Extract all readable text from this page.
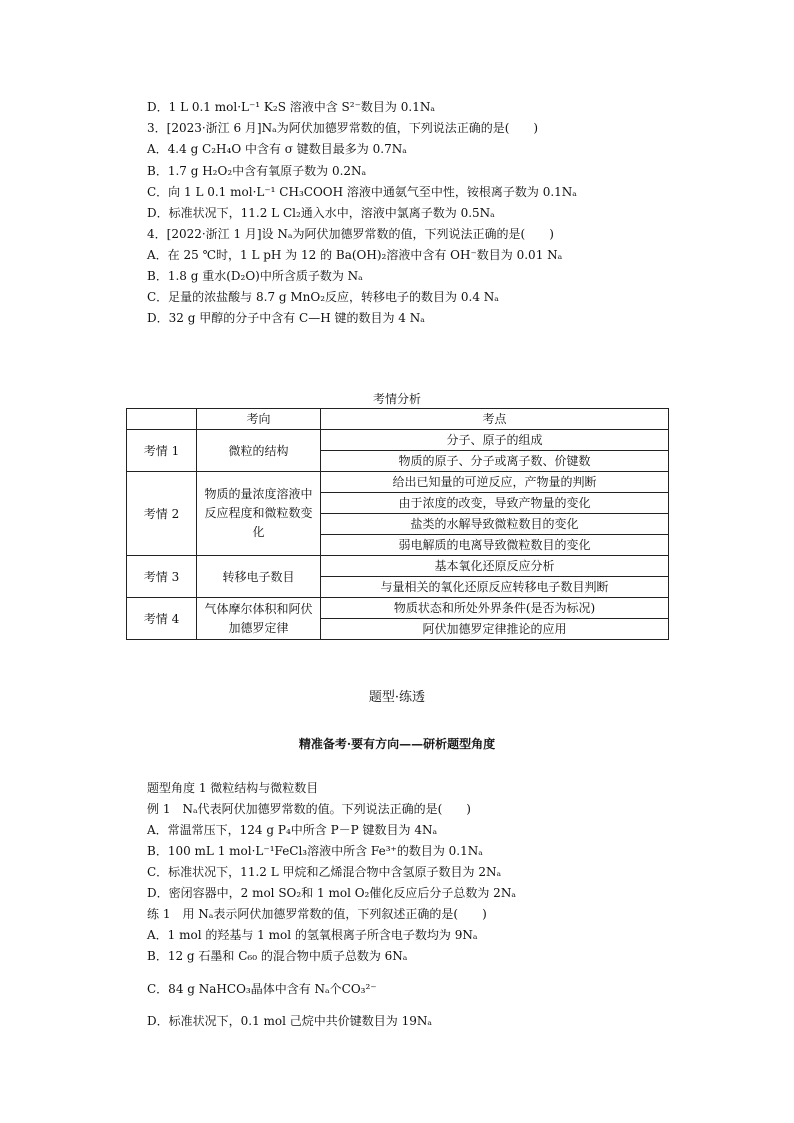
D．1 L 0.1 mol·L⁻¹ K₂S 溶液中含 S²⁻数目为 0.1Nₐ
3．[2023·浙江 6 月]Nₐ为阿伏加德罗常数的值，下列说法正确的是(　　)
A．4.4 g C₂H₄O 中含有 σ 键数目最多为 0.7Nₐ
B．1.7 g H₂O₂中含有氧原子数为 0.2Nₐ
C．向 1 L 0.1 mol·L⁻¹ CH₃COOH 溶液中通氨气至中性，铵根离子数为 0.1Nₐ
D．标准状况下，11.2 L Cl₂通入水中，溶液中氯离子数为 0.5Nₐ
4．[2022·浙江 1 月]设 Nₐ为阿伏加德罗常数的值，下列说法正确的是(　　)
A．在 25 ℃时，1 L pH 为 12 的 Ba(OH)₂溶液中含有 OH⁻数目为 0.01 Nₐ
B．1.8 g 重水(D₂O)中所含质子数为 Nₐ
C．足量的浓盐酸与 8.7 g MnO₂反应，转移电子的数目为 0.4 Nₐ
D．32 g 甲醇的分子中含有 C—H 键的数目为 4 Nₐ
考情分析
	考向	考点
考情 1	微粒的结构	分子、原子的组成
		物质的原子、分子或离子数、价键数
考情 2	物质的量浓度溶液中反应程度和微粒数变化	给出已知量的可逆反应，产物量的判断
		由于浓度的改变，导致产物量的变化
		盐类的水解导致微粒数目的变化
		弱电解质的电离导致微粒数目的变化
考情 3	转移电子数目	基本氧化还原反应分析
		与量相关的氧化还原反应转移电子数目判断
考情 4	气体摩尔体积和阿伏加德罗定律	物质状态和所处外界条件(是否为标况)
		阿伏加德罗定律推论的应用
题型·练透
精准备考·要有方向——研析题型角度
题型角度 1 微粒结构与微粒数目
例 1　Nₐ代表阿伏加德罗常数的值。下列说法正确的是(　　)
A．常温常压下，124 g P₄中所含 P－P 键数目为 4Nₐ
B．100 mL 1 mol·L⁻¹FeCl₃溶液中所含 Fe³⁺的数目为 0.1Nₐ
C．标准状况下，11.2 L 甲烷和乙烯混合物中含氢原子数目为 2Nₐ
D．密闭容器中，2 mol SO₂和 1 mol O₂催化反应后分子总数为 2Nₐ
练 1　用 Nₐ表示阿伏加德罗常数的值，下列叙述正确的是(　　)
A．1 mol 的羟基与 1 mol 的氢氧根离子所含电子数均为 9Nₐ
B．12 g 石墨和 C₆₀ 的混合物中质子总数为 6Nₐ
C．84 g NaHCO₃晶体中含有 Nₐ个CO₃²⁻
D．标准状况下，0.1 mol 己烷中共价键数目为 19Nₐ
